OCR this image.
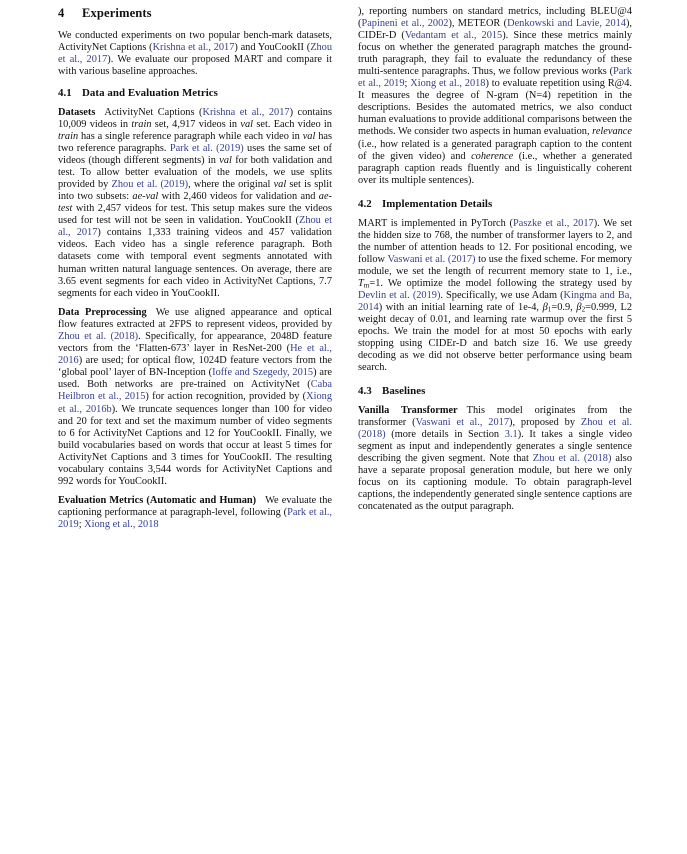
4 Experiments

We conducted experiments on two popular bench-mark datasets, ActivityNet Captions (Krishna et al., 2017) and YouCookII (Zhou et al., 2017). We evaluate our proposed MART and compare it with various baseline approaches.

4.1 Data and Evaluation Metrics

Datasets ActivityNet Captions (Krishna et al., 2017) contains 10,009 videos in train set, 4,917 videos in val set. Each video in train has a single reference paragraph while each video in val has two reference paragraphs. Park et al. (2019) uses the same set of videos (though different segments) in val for both validation and test. To allow better evaluation of the models, we use splits provided by Zhou et al. (2019), where the original val set is split into two subsets: ae-val with 2,460 videos for validation and ae-test with 2,457 videos for test. This setup makes sure the videos used for test will not be seen in validation. YouCookII (Zhou et al., 2017) contains 1,333 training videos and 457 validation videos. Each video has a single reference paragraph. Both datasets come with temporal event segments annotated with human written natural language sentences. On average, there are 3.65 event segments for each video in ActivityNet Captions, 7.7 segments for each video in YouCookII.

Data Preprocessing We use aligned appearance and optical flow features extracted at 2FPS to represent videos, provided by Zhou et al. (2018). Specifically, for appearance, 2048D feature vectors from the ‘Flatten-673’ layer in ResNet-200 (He et al., 2016) are used; for optical flow, 1024D feature vectors from the ‘global pool’ layer of BN-Inception (Ioffe and Szegedy, 2015) are used. Both networks are pre-trained on ActivityNet (Caba Heilbron et al., 2015) for action recognition, provided by (Xiong et al., 2016b). We truncate sequences longer than 100 for video and 20 for text and set the maximum number of video segments to 6 for ActivityNet Captions and 12 for YouCookII. Finally, we build vocabularies based on words that occur at least 5 times for ActivityNet Captions and 3 times for YouCookII. The resulting vocabulary contains 3,544 words for ActivityNet Captions and 992 words for YouCookII.

Evaluation Metrics (Automatic and Human) We evaluate the captioning performance at paragraph-level, following (Park et al., 2019; Xiong et al., 2018

), reporting numbers on standard metrics, including BLEU@4 (Papineni et al., 2002), METEOR (Denkowski and Lavie, 2014), CIDEr-D (Vedantam et al., 2015). Since these metrics mainly focus on whether the generated paragraph matches the ground-truth paragraph, they fail to evaluate the redundancy of these multi-sentence paragraphs. Thus, we follow previous works (Park et al., 2019; Xiong et al., 2018) to evaluate repetition using R@4. It measures the degree of N-gram (N=4) repetition in the descriptions. Besides the automated metrics, we also conduct human evaluations to provide additional comparisons between the methods. We consider two aspects in human evaluation, relevance (i.e., how related is a generated paragraph caption to the content of the given video) and coherence (i.e., whether a generated paragraph caption reads fluently and is linguistically coherent over its multiple sentences).

4.2 Implementation Details

MART is implemented in PyTorch (Paszke et al., 2017). We set the hidden size to 768, the number of transformer layers to 2, and the number of attention heads to 12. For positional encoding, we follow Vaswani et al. (2017) to use the fixed scheme. For memory module, we set the length of recurrent memory state to 1, i.e., $T_m=1$. We optimize the model following the strategy used by Devlin et al. (2019). Specifically, we use Adam (Kingma and Ba, 2014) with an initial learning rate of 1e-4, $\beta_1=0.9$, $\beta_2=0.999$, L2 weight decay of 0.01, and learning rate warmup over the first 5 epochs. We train the model for at most 50 epochs with early stopping using CIDEr-D and batch size 16. We use greedy decoding as we did not observe better performance using beam search.

4.3 Baselines

Vanilla Transformer This model originates from the transformer (Vaswani et al., 2017), proposed by Zhou et al. (2018) (more details in Section 3.1). It takes a single video segment as input and independently generates a single sentence describing the given segment. Note that Zhou et al. (2018) also have a separate proposal generation module, but here we only focus on its captioning module. To obtain paragraph-level captions, the independently generated single sentence captions are concatenated as the output paragraph.
